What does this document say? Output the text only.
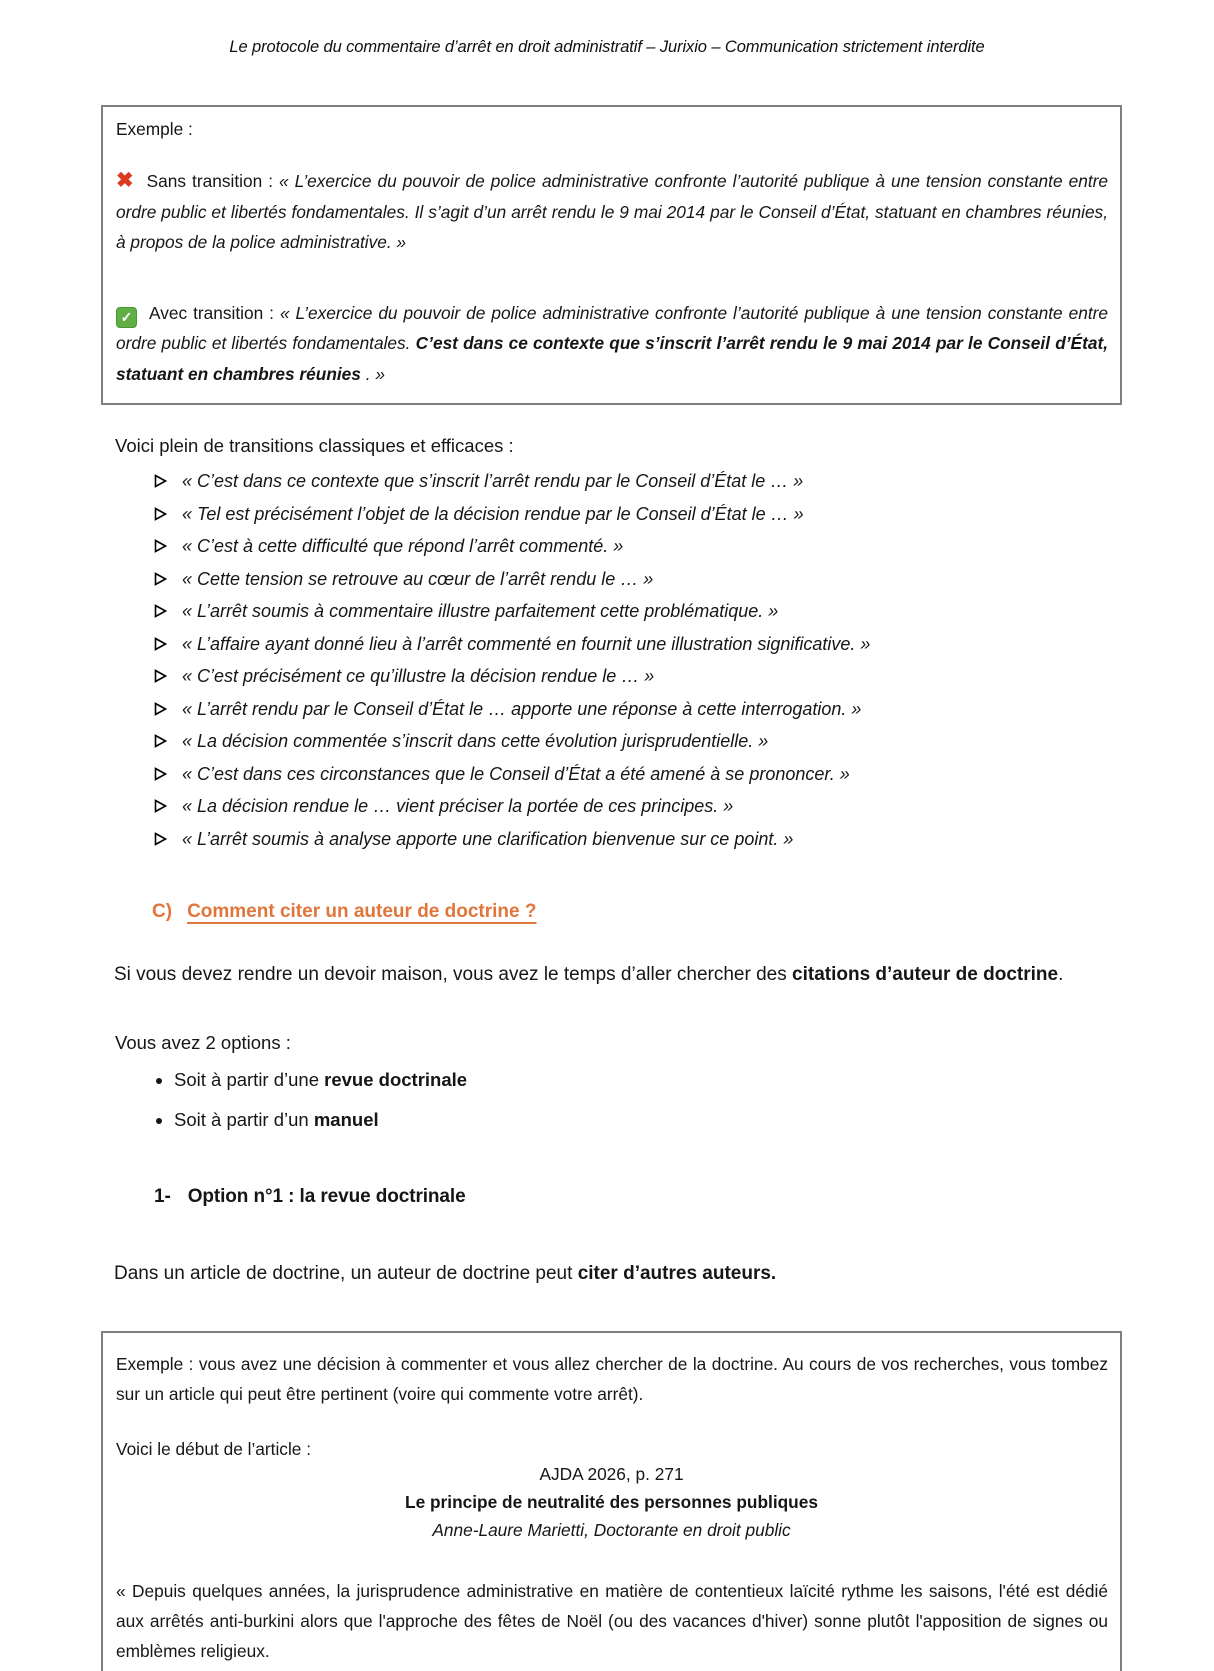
Le protocole du commentaire d’arrêt en droit administratif – Jurixio – Communication strictement interdite

Exemple :

✖ Sans transition : « L’exercice du pouvoir de police administrative confronte l’autorité publique à une tension constante entre ordre public et libertés fondamentales. Il s’agit d’un arrêt rendu le 9 mai 2014 par le Conseil d’État, statuant en chambres réunies, à propos de la police administrative. »

✓ Avec transition : « L’exercice du pouvoir de police administrative confronte l’autorité publique à une tension constante entre ordre public et libertés fondamentales. C’est dans ce contexte que s’inscrit l’arrêt rendu le 9 mai 2014 par le Conseil d’État, statuant en chambres réunies . »

Voici plein de transitions classiques et efficaces :

« C’est dans ce contexte que s’inscrit l’arrêt rendu par le Conseil d’État le … »
« Tel est précisément l’objet de la décision rendue par le Conseil d’État le … »
« C’est à cette difficulté que répond l’arrêt commenté. »
« Cette tension se retrouve au cœur de l’arrêt rendu le … »
« L’arrêt soumis à commentaire illustre parfaitement cette problématique. »
« L’affaire ayant donné lieu à l’arrêt commenté en fournit une illustration significative. »
« C’est précisément ce qu’illustre la décision rendue le … »
« L’arrêt rendu par le Conseil d’État le … apporte une réponse à cette interrogation. »
« La décision commentée s’inscrit dans cette évolution jurisprudentielle. »
« C’est dans ces circonstances que le Conseil d’État a été amené à se prononcer. »
« La décision rendue le … vient préciser la portée de ces principes. »
« L’arrêt soumis à analyse apporte une clarification bienvenue sur ce point. »
C) Comment citer un auteur de doctrine ?

Si vous devez rendre un devoir maison, vous avez le temps d’aller chercher des citations d’auteur de doctrine.

Vous avez 2 options :

• Soit à partir d’une revue doctrinale
• Soit à partir d’un manuel
1- Option n°1 : la revue doctrinale

Dans un article de doctrine, un auteur de doctrine peut citer d’autres auteurs.

Exemple : vous avez une décision à commenter et vous allez chercher de la doctrine. Au cours de vos recherches, vous tombez sur un article qui peut être pertinent (voire qui commente votre arrêt).

Voici le début de l’article :

AJDA 2026, p. 271

Le principe de neutralité des personnes publiques

Anne-Laure Marietti, Doctorante en droit public

« Depuis quelques années, la jurisprudence administrative en matière de contentieux laïcité rythme les saisons, l'été est dédié aux arrêtés anti-burkini alors que l'approche des fêtes de Noël (ou des vacances d'hiver) sonne plutôt l'apposition de signes ou emblèmes religieux.
